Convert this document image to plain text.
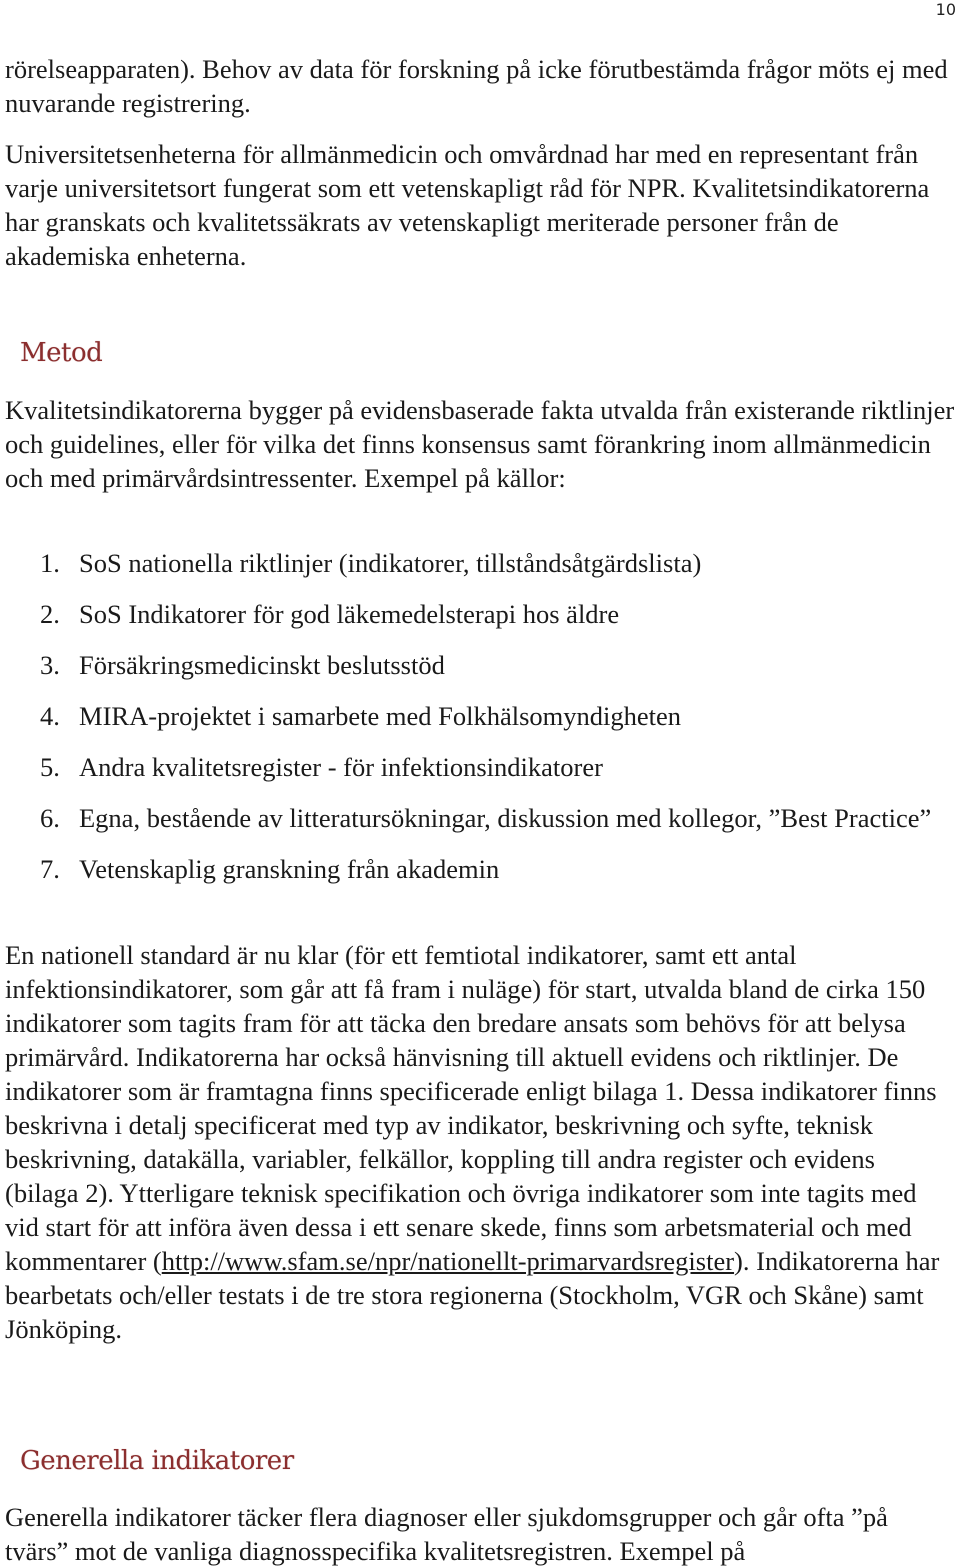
10

rörelseapparaten). Behov av data för forskning på icke förutbestämda frågor möts ej med nuvarande registrering.

Universitetsenheterna för allmänmedicin och omvårdnad har med en representant från varje universitetsort fungerat som ett vetenskapligt råd för NPR. Kvalitetsindikatorerna har granskats och kvalitetssäkrats av vetenskapligt meriterade personer från de akademiska enheterna.

Metod

Kvalitetsindikatorerna bygger på evidensbaserade fakta utvalda från existerande riktlinjer och guidelines, eller för vilka det finns konsensus samt förankring inom allmänmedicin och med primärvårdsintressenter. Exempel på källor:

1. SoS nationella riktlinjer (indikatorer, tillståndsåtgärdslista)
2. SoS Indikatorer för god läkemedelsterapi hos äldre
3. Försäkringsmedicinskt beslutsstöd
4. MIRA-projektet i samarbete med Folkhälsomyndigheten
5. Andra kvalitetsregister - för infektionsindikatorer
6. Egna, bestående av litteratursökningar, diskussion med kollegor, ”Best Practice”
7. Vetenskaplig granskning från akademin

En nationell standard är nu klar (för ett femtiotal indikatorer, samt ett antal infektionsindikatorer, som går att få fram i nuläge) för start, utvalda bland de cirka 150 indikatorer som tagits fram för att täcka den bredare ansats som behövs för att belysa primärvård. Indikatorerna har också hänvisning till aktuell evidens och riktlinjer. De indikatorer som är framtagna finns specificerade enligt bilaga 1. Dessa indikatorer finns beskrivna i detalj specificerat med typ av indikator, beskrivning och syfte, teknisk beskrivning, datakälla, variabler, felkällor, koppling till andra register och evidens (bilaga 2). Ytterligare teknisk specifikation och övriga indikatorer som inte tagits med vid start för att införa även dessa i ett senare skede, finns som arbetsmaterial och med kommentarer (http://www.sfam.se/npr/nationellt-primarvardsregister). Indikatorerna har bearbetats och/eller testats i de tre stora regionerna (Stockholm, VGR och Skåne) samt Jönköping.

Generella indikatorer

Generella indikatorer täcker flera diagnoser eller sjukdomsgrupper och går ofta ”på tvärs” mot de vanliga diagnosspecifika kvalitetsregistren. Exempel på
